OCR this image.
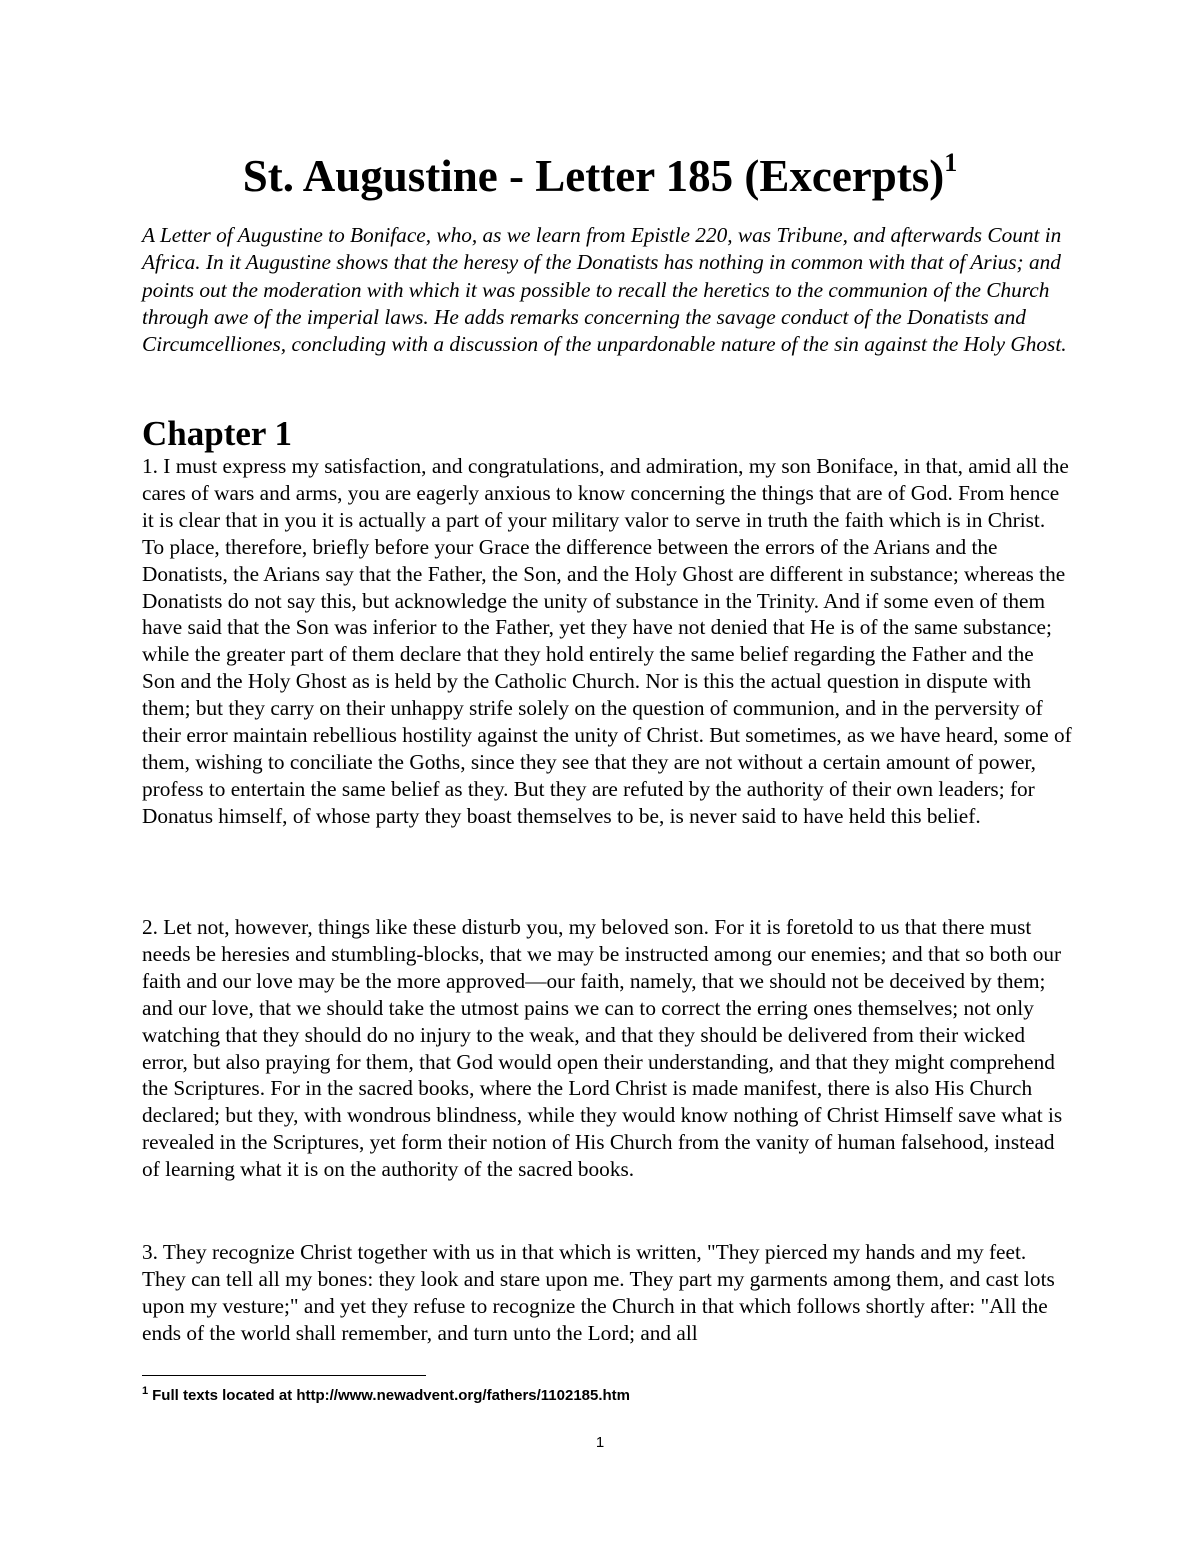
St. Augustine - Letter 185 (Excerpts)$^1$

A Letter of Augustine to Boniface, who, as we learn from Epistle 220, was Tribune, and afterwards Count in Africa. In it Augustine shows that the heresy of the Donatists has nothing in common with that of Arius; and points out the moderation with which it was possible to recall the heretics to the communion of the Church through awe of the imperial laws. He adds remarks concerning the savage conduct of the Donatists and Circumcelliones, concluding with a discussion of the unpardonable nature of the sin against the Holy Ghost.

Chapter 1

1. I must express my satisfaction, and congratulations, and admiration, my son Boniface, in that, amid all the cares of wars and arms, you are eagerly anxious to know concerning the things that are of God. From hence it is clear that in you it is actually a part of your military valor to serve in truth the faith which is in Christ. To place, therefore, briefly before your Grace the difference between the errors of the Arians and the Donatists, the Arians say that the Father, the Son, and the Holy Ghost are different in substance; whereas the Donatists do not say this, but acknowledge the unity of substance in the Trinity. And if some even of them have said that the Son was inferior to the Father, yet they have not denied that He is of the same substance; while the greater part of them declare that they hold entirely the same belief regarding the Father and the Son and the Holy Ghost as is held by the Catholic Church. Nor is this the actual question in dispute with them; but they carry on their unhappy strife solely on the question of communion, and in the perversity of their error maintain rebellious hostility against the unity of Christ. But sometimes, as we have heard, some of them, wishing to conciliate the Goths, since they see that they are not without a certain amount of power, profess to entertain the same belief as they. But they are refuted by the authority of their own leaders; for Donatus himself, of whose party they boast themselves to be, is never said to have held this belief.

2. Let not, however, things like these disturb you, my beloved son. For it is foretold to us that there must needs be heresies and stumbling-blocks, that we may be instructed among our enemies; and that so both our faith and our love may be the more approved—our faith, namely, that we should not be deceived by them; and our love, that we should take the utmost pains we can to correct the erring ones themselves; not only watching that they should do no injury to the weak, and that they should be delivered from their wicked error, but also praying for them, that God would open their understanding, and that they might comprehend the Scriptures. For in the sacred books, where the Lord Christ is made manifest, there is also His Church declared; but they, with wondrous blindness, while they would know nothing of Christ Himself save what is revealed in the Scriptures, yet form their notion of His Church from the vanity of human falsehood, instead of learning what it is on the authority of the sacred books.

3. They recognize Christ together with us in that which is written, "They pierced my hands and my feet. They can tell all my bones: they look and stare upon me. They part my garments among them, and cast lots upon my vesture;" and yet they refuse to recognize the Church in that which follows shortly after: "All the ends of the world shall remember, and turn unto the Lord; and all

$^1$ Full texts located at http://www.newadvent.org/fathers/1102185.htm

1
